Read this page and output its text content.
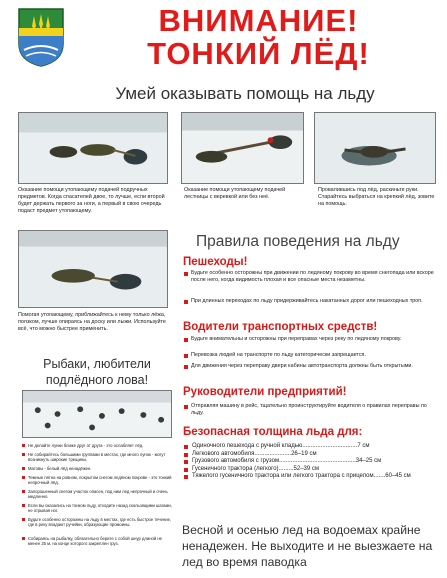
ВНИМАНИЕ!
ТОНКИЙ ЛЁД!
Умей оказывать помощь на льду
Оказание помощи утопающему подачей подручных предметов. Когда спасателей двое, то лучше, если второй будет держать первого за ноги, а первый в свою очередь подаст предмет утопающему.
Оказание помощи утопающему подачей лестницы с веревкой или без неё.
Провалившись под лёд, раскиньте руки. Старайтесь выбраться на крепкий лёд, зовите на помощь.
Помогая утопающему, приближайтесь к нему только лёжа, ползком, лучше опираясь на доску или лыжи. Используйте всё, что можно быстрее применить.
Правила поведения на льду
Пешеходы!
Будьте особенно осторожны при движении по ледяному покрову во время снегопада или вскоре после него, когда видимость плохая и все опасные места незаметны.
При длинных переходах по льду придерживайтесь накатанных дорог или пешеходных троп.
Водители транспортных средств!
Будьте внимательны и осторожны при переправах через реку по ледяному покрову.
Перевозка людей на транспорте по льду категорически запрещается.
Для движения через переправу двери кабины автотранспорта должны быть открытыми.
Руководители предприятий!
Отправляя машину в рейс, тщательно проинструктируйте водителя о правилах переправы по льду.
Безопасная толщина льда для:
Одиночного пешехода с ручной кладью.................................7 см
Легкового автомобиля......................26–19 см
Грузового автомобиля с грузом..............................................34–25 см
Гусеничного трактора (легкого).........52–39 см
Тяжелого гусеничного трактора или легкого трактора с прицепом.......60–45 см
Весной и осенью лед на водоемах крайне ненадежен. Не выходите и не выезжаете на лед во время паводка
Рыбаки, любители подлёдного лова!
Не делайте лунки ближе друг от друга - это ослабляет лёд.
Не собирайтесь большими группами в местах, где много лунок - могут возникнуть широкие трещины.
Матовы - белый лёд ненадёжен.
Темные пятна на ровном, покрытом снегом ледяном покрове - это тонкий непрочный лёд.
Запорошенный снегом участок опасен, под ним лед непрочный и очень медленно.
Если вы оказались на тонком льду, отходите назад скользящими шагами, не отрывая ног.
Будьте особенно осторожны на льду в местах, где есть быстрое течение, где в реку впадают ручейки, образующие промоины.
Собираясь на рыбалку, обязательно берите с собой шнур длиной не менее 25 м, на конце которого закреплен груз.
